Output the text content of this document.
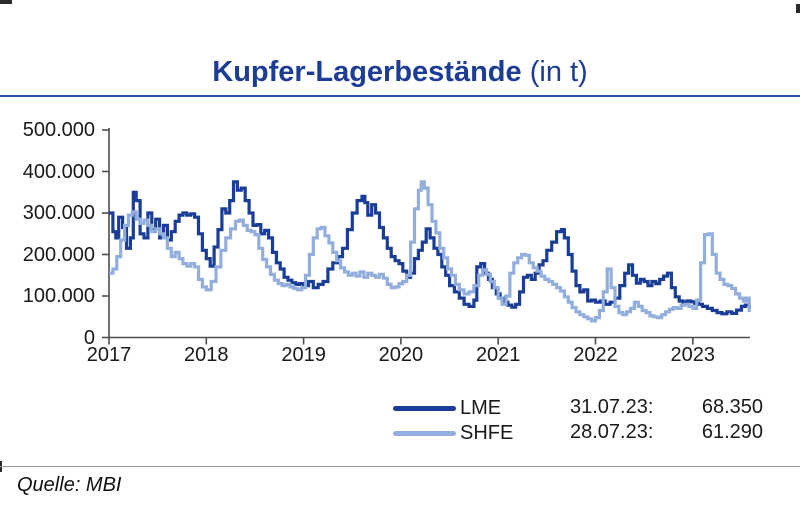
Kupfer-Lagerbestände (in t)
0
100.000
200.000
300.000
400.000
500.000
2017	2018	2019	2020	2021	2022	2023
LME
SHFE
31.07.23:	68.350
28.07.23:	61.290
Quelle: MBI
